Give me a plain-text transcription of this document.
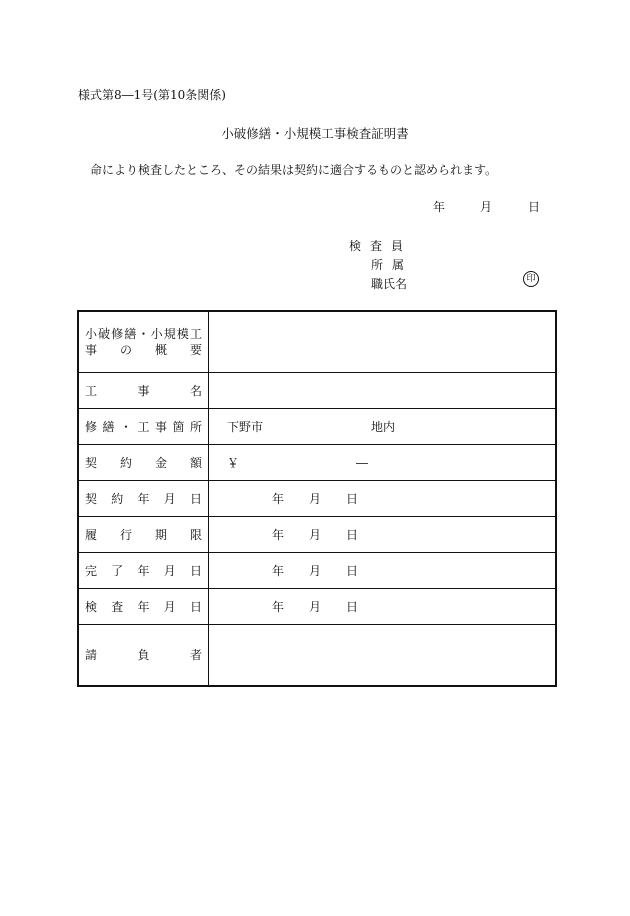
様式第8―1号(第10条関係)
小破修繕・小規模工事検査証明書
命により検査したところ、その結果は契約に適合するものと認められます。
年	月	日
検査員
所属
職氏名	印
小破修繕・小規模工
事の概要	

工事名	

修繕・工事箇所	下野市 地内

契約金額	￥ ―

契約年月日	年 月 日

履行期限	年 月 日

完了年月日	年 月 日

検査年月日	年 月 日

請負者	
